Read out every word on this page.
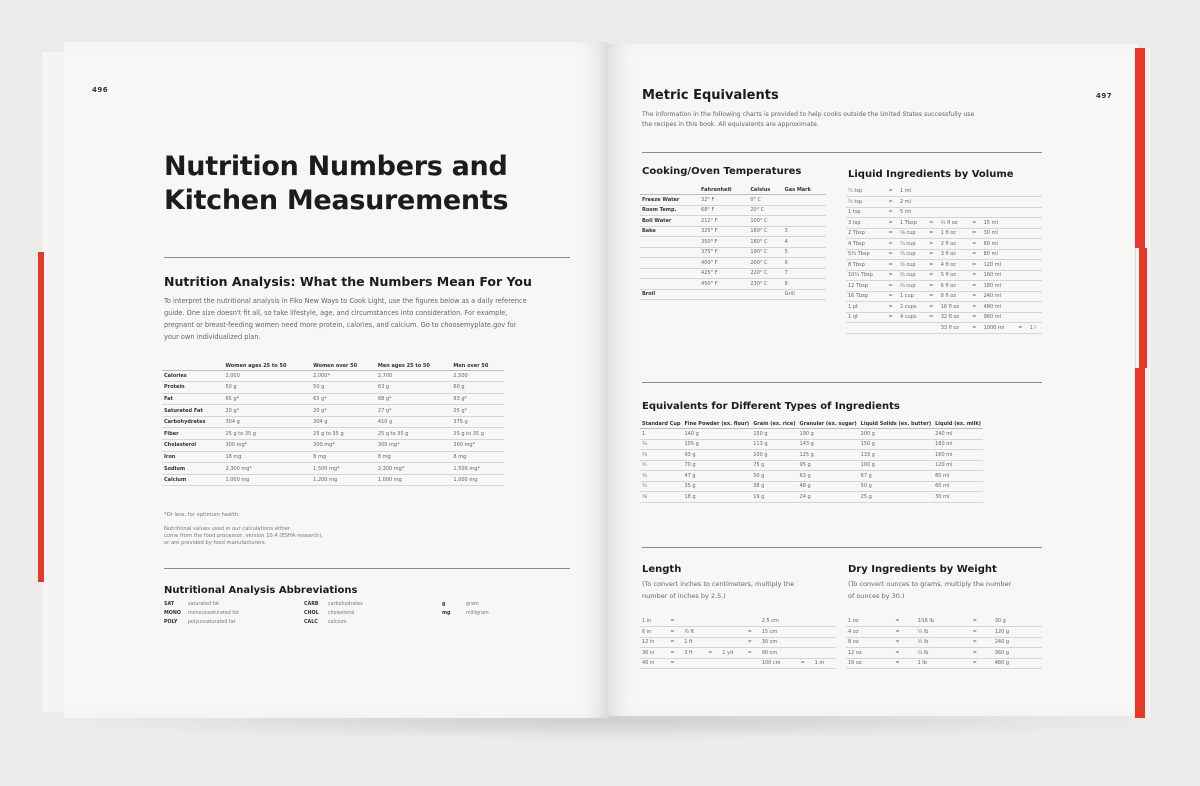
496
Nutrition Numbers and
Kitchen Measurements
Nutrition Analysis: What the Numbers Mean For You
To interpret the nutritional analysis in Fiko New Ways to Cook Light, use the figures below as a daily reference
guide. One size doesn't fit all, so take lifestyle, age, and circumstances into consideration. For example,
pregnant or breast-feeding women need more protein, calories, and calcium. Go to choosemyplate.gov for
your own individualized plan.
	Women ages 25 to 50	Women over 50	Men ages 25 to 50	Men over 50
Calories	2,000	2,000*	2,700	2,500
Protein	50 g	50 g	63 g	60 g
Fat	65 g*	65 g*	88 g*	83 g*
Saturated Fat	20 g*	20 g*	27 g*	25 g*
Carbohydrates	304 g	304 g	410 g	375 g
Fiber	25 g to 35 g	25 g to 35 g	25 g to 35 g	25 g to 35 g
Cholesterol	300 mg*	300 mg*	300 mg*	300 mg*
Iron	18 mg	8 mg	8 mg	8 mg
Sodium	2,300 mg*	1,500 mg*	2,300 mg*	1,500 mg*
Calcium	1,000 mg	1,200 mg	1,000 mg	1,000 mg
*Or less, for optimum health.
Nutritional values used in our calculations either
come from the food processor, version 10.4 (ESHA research),
or are provided by food manufacturers.
Nutritional Analysis Abbreviations
SAT	saturated fat
MONO	monounsaturated fat
POLY	polyunsaturated fat
CARB	carbohydrates
CHOL	cholesterol
CALC	calcium
g	gram
mg	milligram
497
Metric Equivalents
The information in the following charts is provided to help cooks outside the United States successfully use
the recipes in this book. All equivalents are approximate.
Cooking/Oven Temperatures
	Fahrenheit	Celsius	Gas Mark
Freeze Water	32° F	0° C	
Room Temp.	68° F	20° C	
Boil Water	212° F	100° C	
Bake	325° F	160° C	3
	350° F	180° C	4
	375° F	190° C	5
	400° F	200° C	6
	425° F	220° C	7
	450° F	230° C	8
Broil			Grill
Liquid Ingredients by Volume
¼ tsp	=	1 ml						
½ tsp	=	2 ml						
1 tsp	=	5 ml						
3 tsp	=	1 Tbsp	=	½ fl oz	=	15 ml		
2 Tbsp	=	⅛ cup	=	1 fl oz	=	30 ml		
4 Tbsp	=	¼ cup	=	2 fl oz	=	60 ml		
5⅓ Tbsp	=	⅓ cup	=	3 fl oz	=	80 ml		
8 Tbsp	=	½ cup	=	4 fl oz	=	120 ml		
10⅔ Tbsp	=	⅔ cup	=	5 fl oz	=	160 ml		
12 Tbsp	=	¾ cup	=	6 fl oz	=	180 ml		
16 Tbsp	=	1 cup	=	8 fl oz	=	240 ml		
1 pt	=	2 cups	=	16 fl oz	=	480 ml		
1 qt	=	4 cups	=	32 fl oz	=	960 ml		
				33 fl oz	=	1000 ml	=	1 l
Equivalents for Different Types of Ingredients
Standard Cup	Fine Powder (ex. flour)	Grain (ex. rice)	Granular (ex. sugar)	Liquid Solids (ex. butter)	Liquid (ex. milk)
1	140 g	150 g	190 g	200 g	240 ml
¾	105 g	113 g	143 g	150 g	180 ml
⅔	93 g	100 g	125 g	133 g	160 ml
½	70 g	75 g	95 g	100 g	120 ml
⅓	47 g	50 g	63 g	67 g	80 ml
¼	35 g	38 g	48 g	50 g	60 ml
⅛	18 g	19 g	24 g	25 g	30 ml
Length
(To convert inches to centimeters, multiply the
number of inches by 2.5.)
1 in	=					2.5 cm		
6 in	=	½ ft			=	15 cm		
12 in	=	1 ft			=	30 cm		
36 in	=	3 ft	=	1 yd	=	90 cm		
40 in	=					100 cm	=	1 m
Dry Ingredients by Weight
(To convert ounces to grams, multiply the number
of ounces by 30.)
1 oz	=	1⁄16 lb	=	30 g
4 oz	=	¼ lb	=	120 g
8 oz	=	½ lb	=	240 g
12 oz	=	¾ lb	=	360 g
16 oz	=	1 lb	=	480 g
